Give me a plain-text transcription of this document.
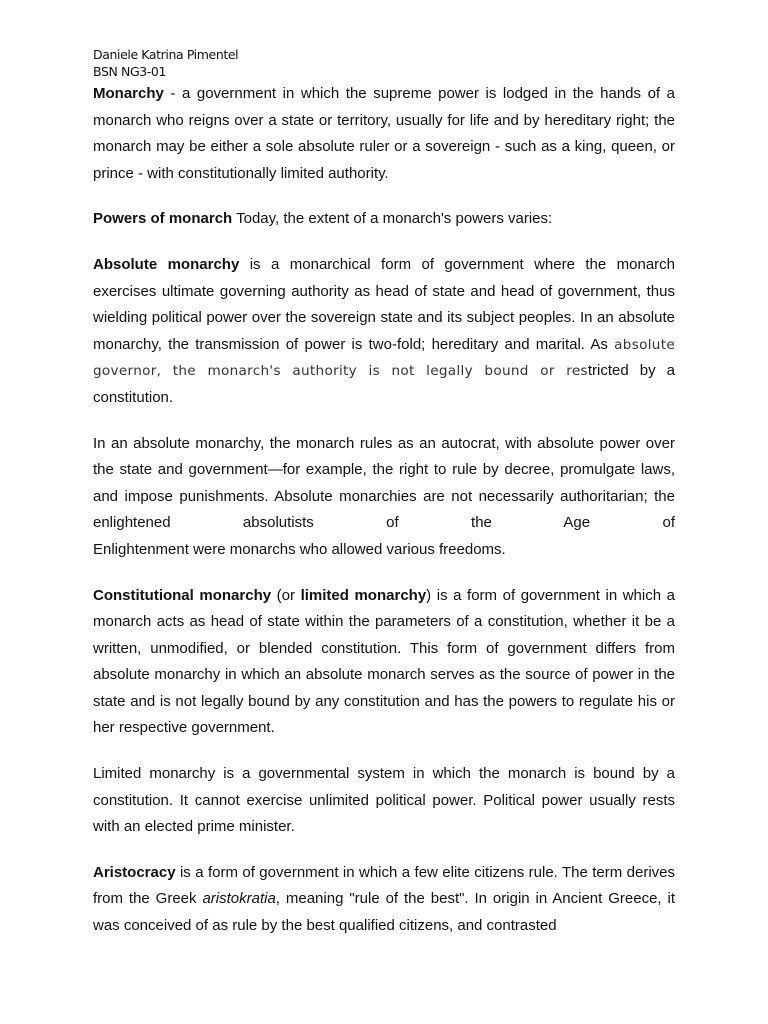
Daniele Katrina Pimentel
BSN NG3-01

Monarchy - a government in which the supreme power is lodged in the hands of a monarch who reigns over a state or territory, usually for life and by hereditary right; the monarch may be either a sole absolute ruler or a sovereign - such as a king, queen, or prince - with constitutionally limited authority.

Powers of monarch Today, the extent of a monarch's powers varies:

Absolute monarchy is a monarchical form of government where the monarch exercises ultimate governing authority as head of state and head of government, thus wielding political power over the sovereign state and its subject peoples. In an absolute monarchy, the transmission of power is two-fold; hereditary and marital. As absolute governor, the monarch's authority is not legally bound or restricted by a constitution.

In an absolute monarchy, the monarch rules as an autocrat, with absolute power over the state and government—for example, the right to rule by decree, promulgate laws, and impose punishments. Absolute monarchies are not necessarily authoritarian; the enlightened absolutists of the Age of

Enlightenment were monarchs who allowed various freedoms.

Constitutional monarchy (or limited monarchy) is a form of government in which a monarch acts as head of state within the parameters of a constitution, whether it be a written, unmodified, or blended constitution. This form of government differs from absolute monarchy in which an absolute monarch serves as the source of power in the state and is not legally bound by any constitution and has the powers to regulate his or her respective government.

Limited monarchy is a governmental system in which the monarch is bound by a constitution. It cannot exercise unlimited political power. Political power usually rests with an elected prime minister.

Aristocracy is a form of government in which a few elite citizens rule. The term derives from the Greek aristokratia, meaning "rule of the best". In origin in Ancient Greece, it was conceived of as rule by the best qualified citizens, and contrasted
